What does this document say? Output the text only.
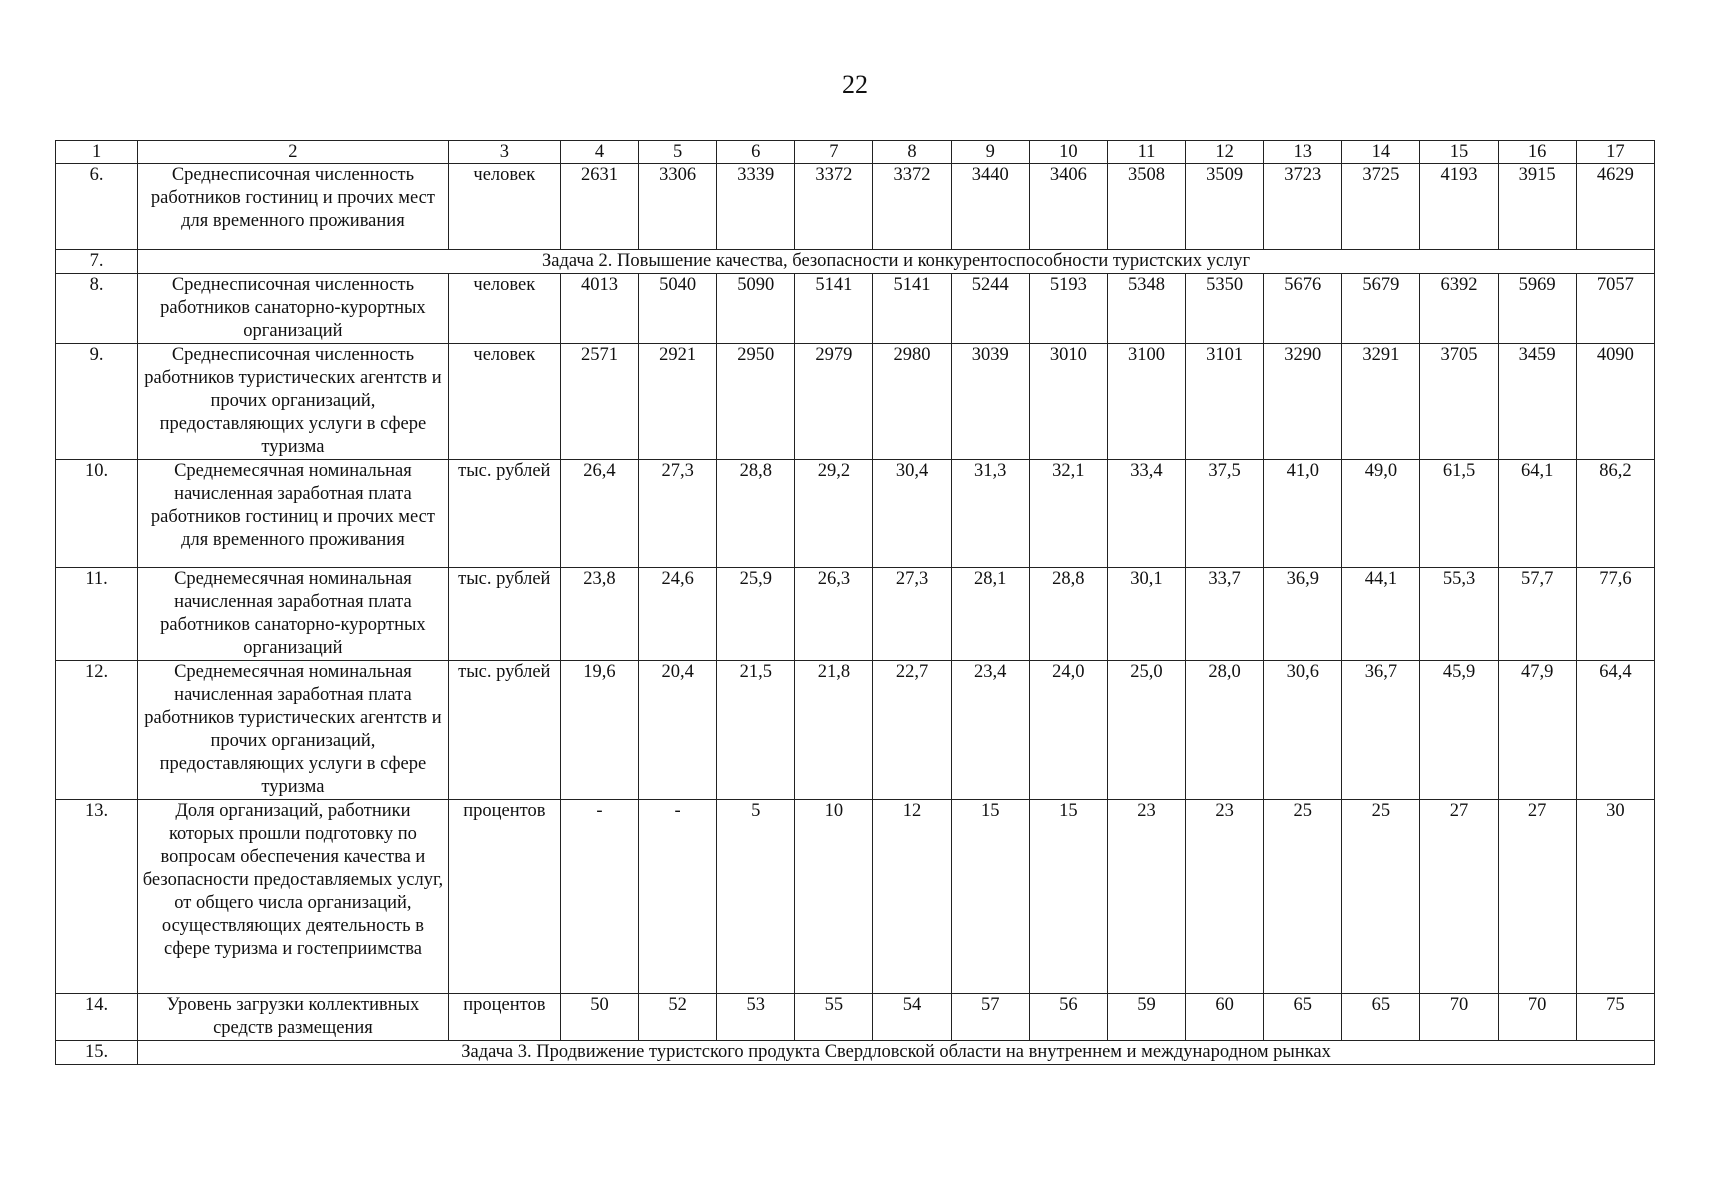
22
1	2	3	4	5	6	7	8	9	10	11	12	13	14	15	16	17
6.	Среднесписочная численность работников гостиниц и прочих мест для временного проживания	человек	2631	3306	3339	3372	3372	3440	3406	3508	3509	3723	3725	4193	3915	4629
7.	Задача 2. Повышение качества, безопасности и конкурентоспособности туристских услуг															
8.	Среднесписочная численность работников санаторно-курортных организаций	человек	4013	5040	5090	5141	5141	5244	5193	5348	5350	5676	5679	6392	5969	7057
9.	Среднесписочная численность работников туристических агентств и прочих организаций, предоставляющих услуги в сфере туризма	человек	2571	2921	2950	2979	2980	3039	3010	3100	3101	3290	3291	3705	3459	4090
10.	Среднемесячная номинальная начисленная заработная плата работников гостиниц и прочих мест для временного проживания	тыс. рублей	26,4	27,3	28,8	29,2	30,4	31,3	32,1	33,4	37,5	41,0	49,0	61,5	64,1	86,2
11.	Среднемесячная номинальная начисленная заработная плата работников санаторно-курортных организаций	тыс. рублей	23,8	24,6	25,9	26,3	27,3	28,1	28,8	30,1	33,7	36,9	44,1	55,3	57,7	77,6
12.	Среднемесячная номинальная начисленная заработная плата работников туристических агентств и прочих организаций, предоставляющих услуги в сфере туризма	тыс. рублей	19,6	20,4	21,5	21,8	22,7	23,4	24,0	25,0	28,0	30,6	36,7	45,9	47,9	64,4
13.	Доля организаций, работники которых прошли подготовку по вопросам обеспечения качества и безопасности предоставляемых услуг, от общего числа организаций, осуществляющих деятельность в сфере туризма и гостеприимства	процентов	-	-	5	10	12	15	15	23	23	25	25	27	27	30
14.	Уровень загрузки коллективных средств размещения	процентов	50	52	53	55	54	57	56	59	60	65	65	70	70	75
15.	Задача 3. Продвижение туристского продукта Свердловской области на внутреннем и международном рынках															
